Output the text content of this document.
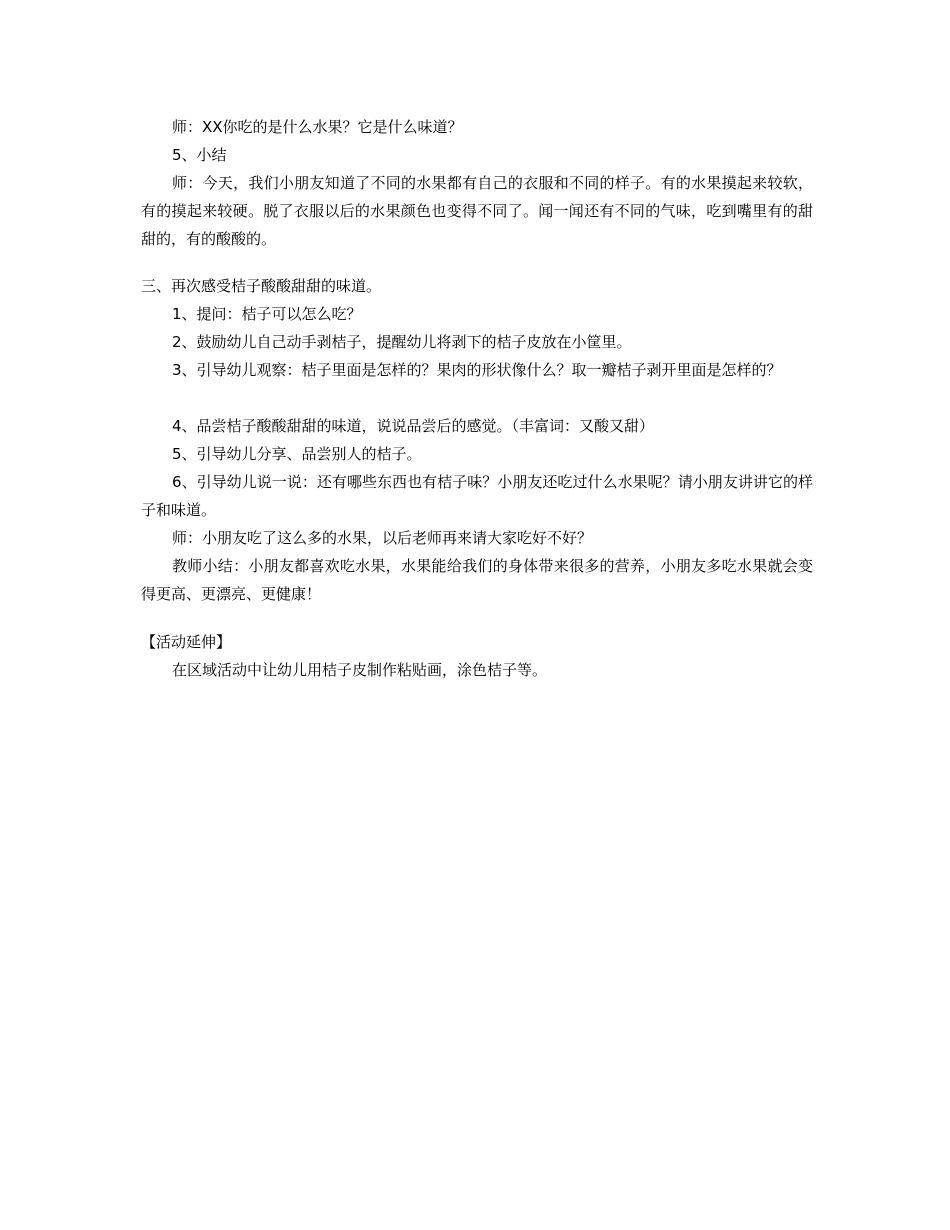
师：XX你吃的是什么水果？它是什么味道？

5、小结

师：今天，我们小朋友知道了不同的水果都有自己的衣服和不同的样子。有的水果摸起来较软，有的摸起来较硬。脱了衣服以后的水果颜色也变得不同了。闻一闻还有不同的气味，吃到嘴里有的甜甜的，有的酸酸的。

三、再次感受桔子酸酸甜甜的味道。

1、提问：桔子可以怎么吃？

2、鼓励幼儿自己动手剥桔子，提醒幼儿将剥下的桔子皮放在小筐里。

3、引导幼儿观察：桔子里面是怎样的？果肉的形状像什么？取一瓣桔子剥开里面是怎样的？

4、品尝桔子酸酸甜甜的味道，说说品尝后的感觉。（丰富词：又酸又甜）

5、引导幼儿分享、品尝别人的桔子。

6、引导幼儿说一说：还有哪些东西也有桔子味？小朋友还吃过什么水果呢？请小朋友讲讲它的样子和味道。

师：小朋友吃了这么多的水果，以后老师再来请大家吃好不好？

教师小结：小朋友都喜欢吃水果，水果能给我们的身体带来很多的营养，小朋友多吃水果就会变得更高、更漂亮、更健康！

【活动延伸】

在区域活动中让幼儿用桔子皮制作粘贴画，涂色桔子等。
